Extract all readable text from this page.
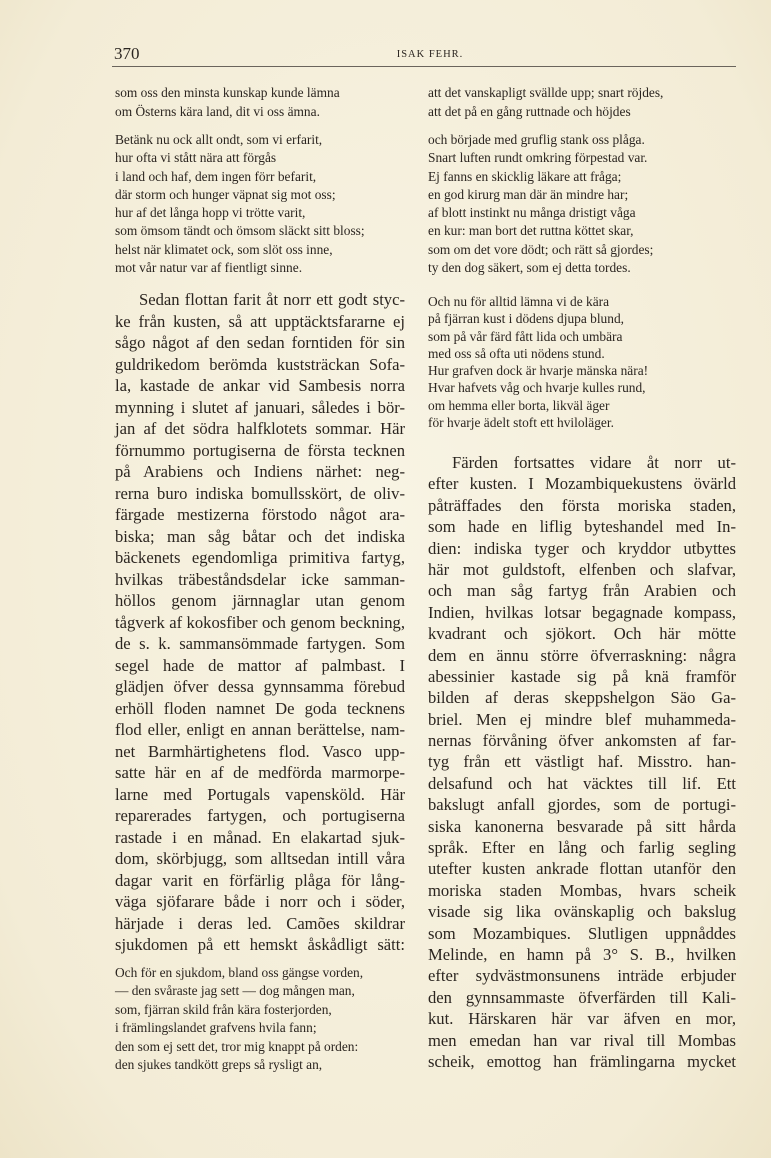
370	ISAK FEHR.
som oss den minsta kunskap kunde lämna
om Österns kära land, dit vi oss ämna.
Betänk nu ock allt ondt, som vi erfarit,
hur ofta vi stått nära att förgås
i land och haf, dem ingen förr befarit,
där storm och hunger väpnat sig mot oss;
hur af det långa hopp vi trötte varit,
som ömsom tändt och ömsom släckt sitt bloss;
helst när klimatet ock, som slöt oss inne,
mot vår natur var af fientligt sinne.
Sedan flottan farit åt norr ett godt styc-
ke från kusten, så att upptäcktsfararne ej
sågo något af den sedan forntiden för sin
guldrikedom berömda kuststräckan Sofa-
la, kastade de ankar vid Sambesis norra
mynning i slutet af januari, således i bör-
jan af det södra halfklotets sommar. Här
förnummo portugiserna de första tecknen
på Arabiens och Indiens närhet: neg-
rerna buro indiska bomullsskört, de oliv-
färgade mestizerna förstodo något ara-
biska; man såg båtar och det indiska
bäckenets egendomliga primitiva fartyg,
hvilkas träbeståndsdelar icke samman-
höllos genom järnnaglar utan genom
tågverk af kokosfiber och genom beckning,
de s. k. sammansömmade fartygen. Som
segel hade de mattor af palmbast. I
glädjen öfver dessa gynnsamma förebud
erhöll floden namnet De goda tecknens
flod eller, enligt en annan berättelse, nam-
net Barmhärtighetens flod. Vasco upp-
satte här en af de medförda marmorpe-
larne med Portugals vapensköld. Här
reparerades fartygen, och portugiserna
rastade i en månad. En elakartad sjuk-
dom, skörbjugg, som alltsedan intill våra
dagar varit en förfärlig plåga för lång-
väga sjöfarare både i norr och i söder,
härjade i deras led. Camões skildrar
sjukdomen på ett hemskt åskådligt sätt:
Och för en sjukdom, bland oss gängse vorden,
— den svåraste jag sett — dog mången man,
som, fjärran skild från kära fosterjorden,
i främlingslandet grafvens hvila fann;
den som ej sett det, tror mig knappt på orden:
den sjukes tandkött greps så rysligt an,
att det vanskapligt svällde upp; snart röjdes,
att det på en gång ruttnade och höjdes
och började med gruflig stank oss plåga.
Snart luften rundt omkring förpestad var.
Ej fanns en skicklig läkare att fråga;
en god kirurg man där än mindre har;
af blott instinkt nu många dristigt våga
en kur: man bort det ruttna köttet skar,
som om det vore dödt; och rätt så gjordes;
ty den dog säkert, som ej detta tordes.
Och nu för alltid lämna vi de kära
på fjärran kust i dödens djupa blund,
som på vår färd fått lida och umbära
med oss så ofta uti nödens stund.
Hur grafven dock är hvarje mänska nära!
Hvar hafvets våg och hvarje kulles rund,
om hemma eller borta, likväl äger
för hvarje ädelt stoft ett hviloläger.
Färden fortsattes vidare åt norr ut-
efter kusten. I Mozambiquekustens övärld
påträffades den första moriska staden,
som hade en liflig byteshandel med In-
dien: indiska tyger och kryddor utbyttes
här mot guldstoft, elfenben och slafvar,
och man såg fartyg från Arabien och
Indien, hvilkas lotsar begagnade kompass,
kvadrant och sjökort. Och här mötte
dem en ännu större öfverraskning: några
abessinier kastade sig på knä framför
bilden af deras skeppshelgon Säo Ga-
briel. Men ej mindre blef muhammeda-
nernas förvåning öfver ankomsten af far-
tyg från ett västligt haf. Misstro. han-
delsafund och hat väcktes till lif. Ett
bakslugt anfall gjordes, som de portugi-
siska kanonerna besvarade på sitt hårda
språk. Efter en lång och farlig segling
utefter kusten ankrade flottan utanför den
moriska staden Mombas, hvars scheik
visade sig lika ovänskaplig och bakslug
som Mozambiques. Slutligen uppnåddes
Melinde, en hamn på 3° S. B., hvilken
efter sydvästmonsunens inträde erbjuder
den gynnsammaste öfverfärden till Kali-
kut. Härskaren här var äfven en mor,
men emedan han var rival till Mombas
scheik, emottog han främlingarna mycket
